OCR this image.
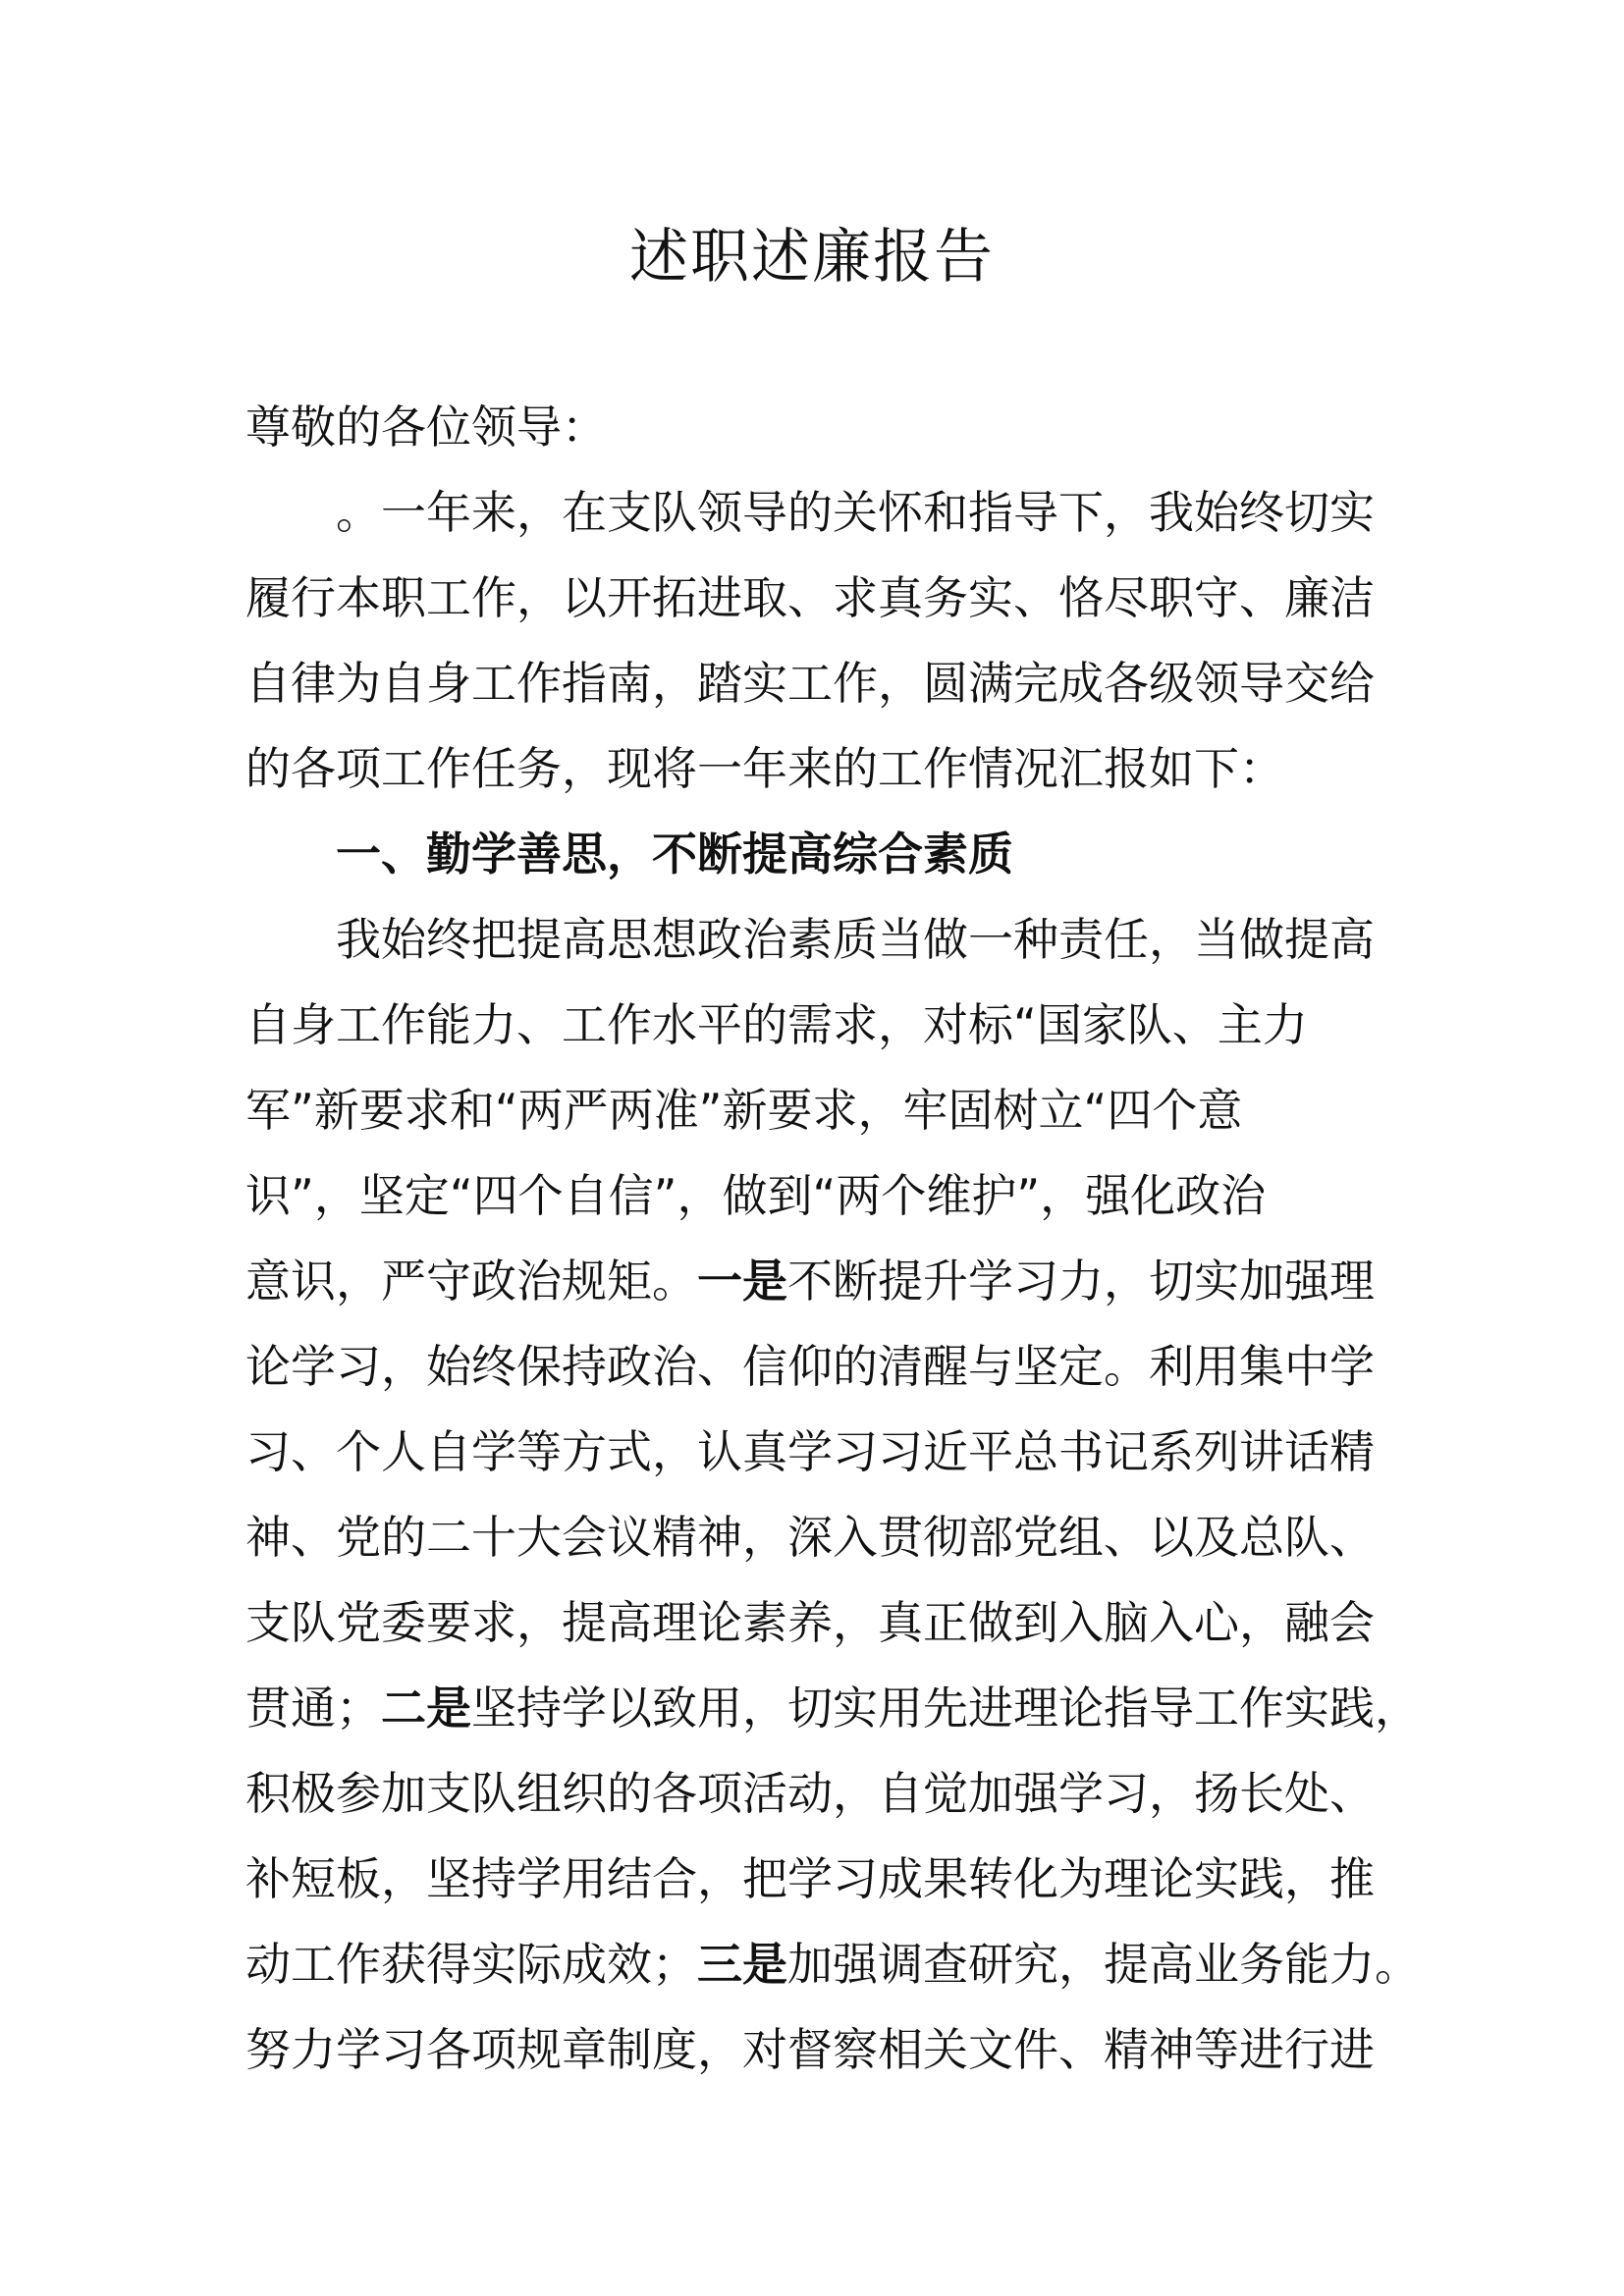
述职述廉报告
尊敬的各位领导：
。一年来，在支队领导的关怀和指导下，我始终切实
履行本职工作，以开拓进取、求真务实、恪尽职守、廉洁
自律为自身工作指南，踏实工作，圆满完成各级领导交给
的各项工作任务，现将一年来的工作情况汇报如下：
一、勤学善思，不断提高综合素质
我始终把提高思想政治素质当做一种责任，当做提高
自身工作能力、工作水平的需求，对标“国家队、主力
军”新要求和“两严两准”新要求，牢固树立“四个意
识”，坚定“四个自信”，做到“两个维护”，强化政治
意识，严守政治规矩。一是不断提升学习力，切实加强理
论学习，始终保持政治、信仰的清醒与坚定。利用集中学
习、个人自学等方式，认真学习习近平总书记系列讲话精
神、党的二十大会议精神，深入贯彻部党组、以及总队、
支队党委要求，提高理论素养，真正做到入脑入心，融会
贯通；二是坚持学以致用，切实用先进理论指导工作实践，
积极参加支队组织的各项活动，自觉加强学习，扬长处、
补短板，坚持学用结合，把学习成果转化为理论实践，推
动工作获得实际成效；三是加强调查研究，提高业务能力。
努力学习各项规章制度，对督察相关文件、精神等进行进
